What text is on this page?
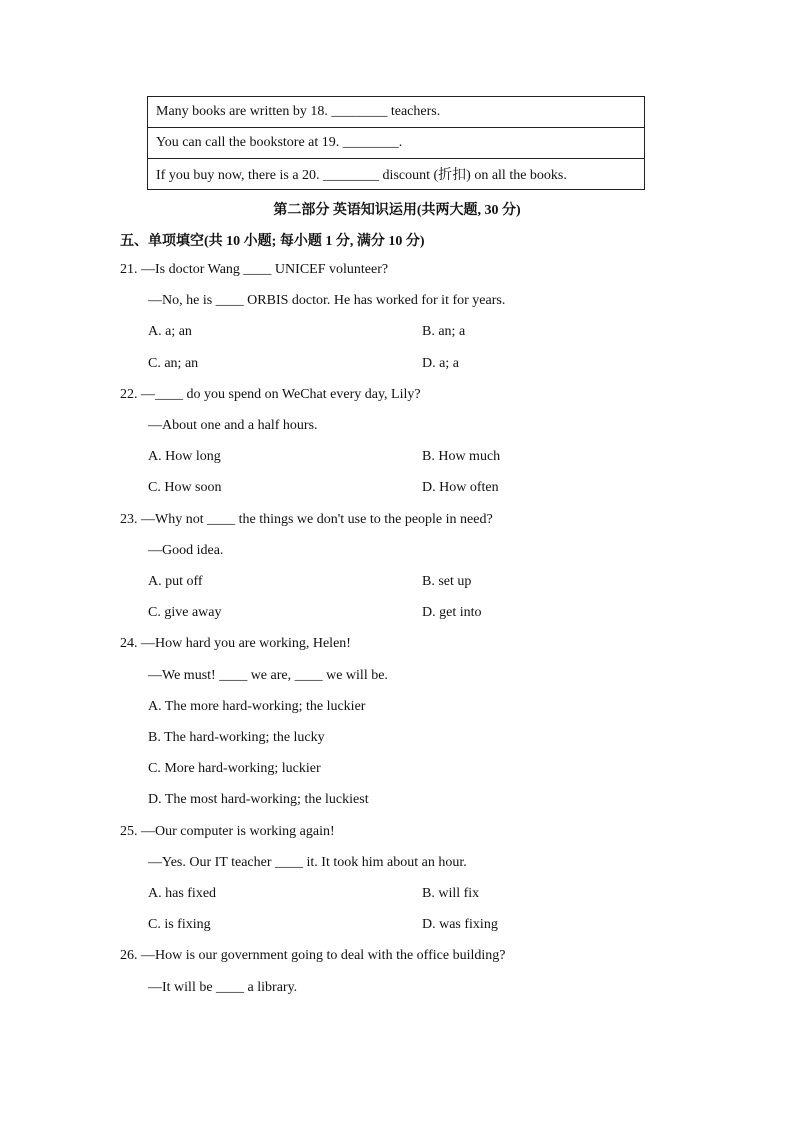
Many books are written by 18. ________ teachers.
You can call the bookstore at 19. ________.
If you buy now, there is a 20. ________ discount (折扣) on all the books.
第二部分 英语知识运用(共两大题, 30 分)
五、单项填空(共 10 小题; 每小题 1 分, 满分 10 分)
21. —Is doctor Wang ____ UNICEF volunteer?
—No, he is ____ ORBIS doctor. He has worked for it for years.
A. a; an	B. an; a
C. an; an	D. a; a
22. —____ do you spend on WeChat every day, Lily?
—About one and a half hours.
A. How long	B. How much
C. How soon	D. How often
23. —Why not ____ the things we don't use to the people in need?
—Good idea.
A. put off	B. set up
C. give away	D. get into
24. —How hard you are working, Helen!
—We must! ____ we are, ____ we will be.
A. The more hard-working; the luckier
B. The hard-working; the lucky
C. More hard-working; luckier
D. The most hard-working; the luckiest
25. —Our computer is working again!
—Yes. Our IT teacher ____ it. It took him about an hour.
A. has fixed	B. will fix
C. is fixing	D. was fixing
26. —How is our government going to deal with the office building?
—It will be ____ a library.
